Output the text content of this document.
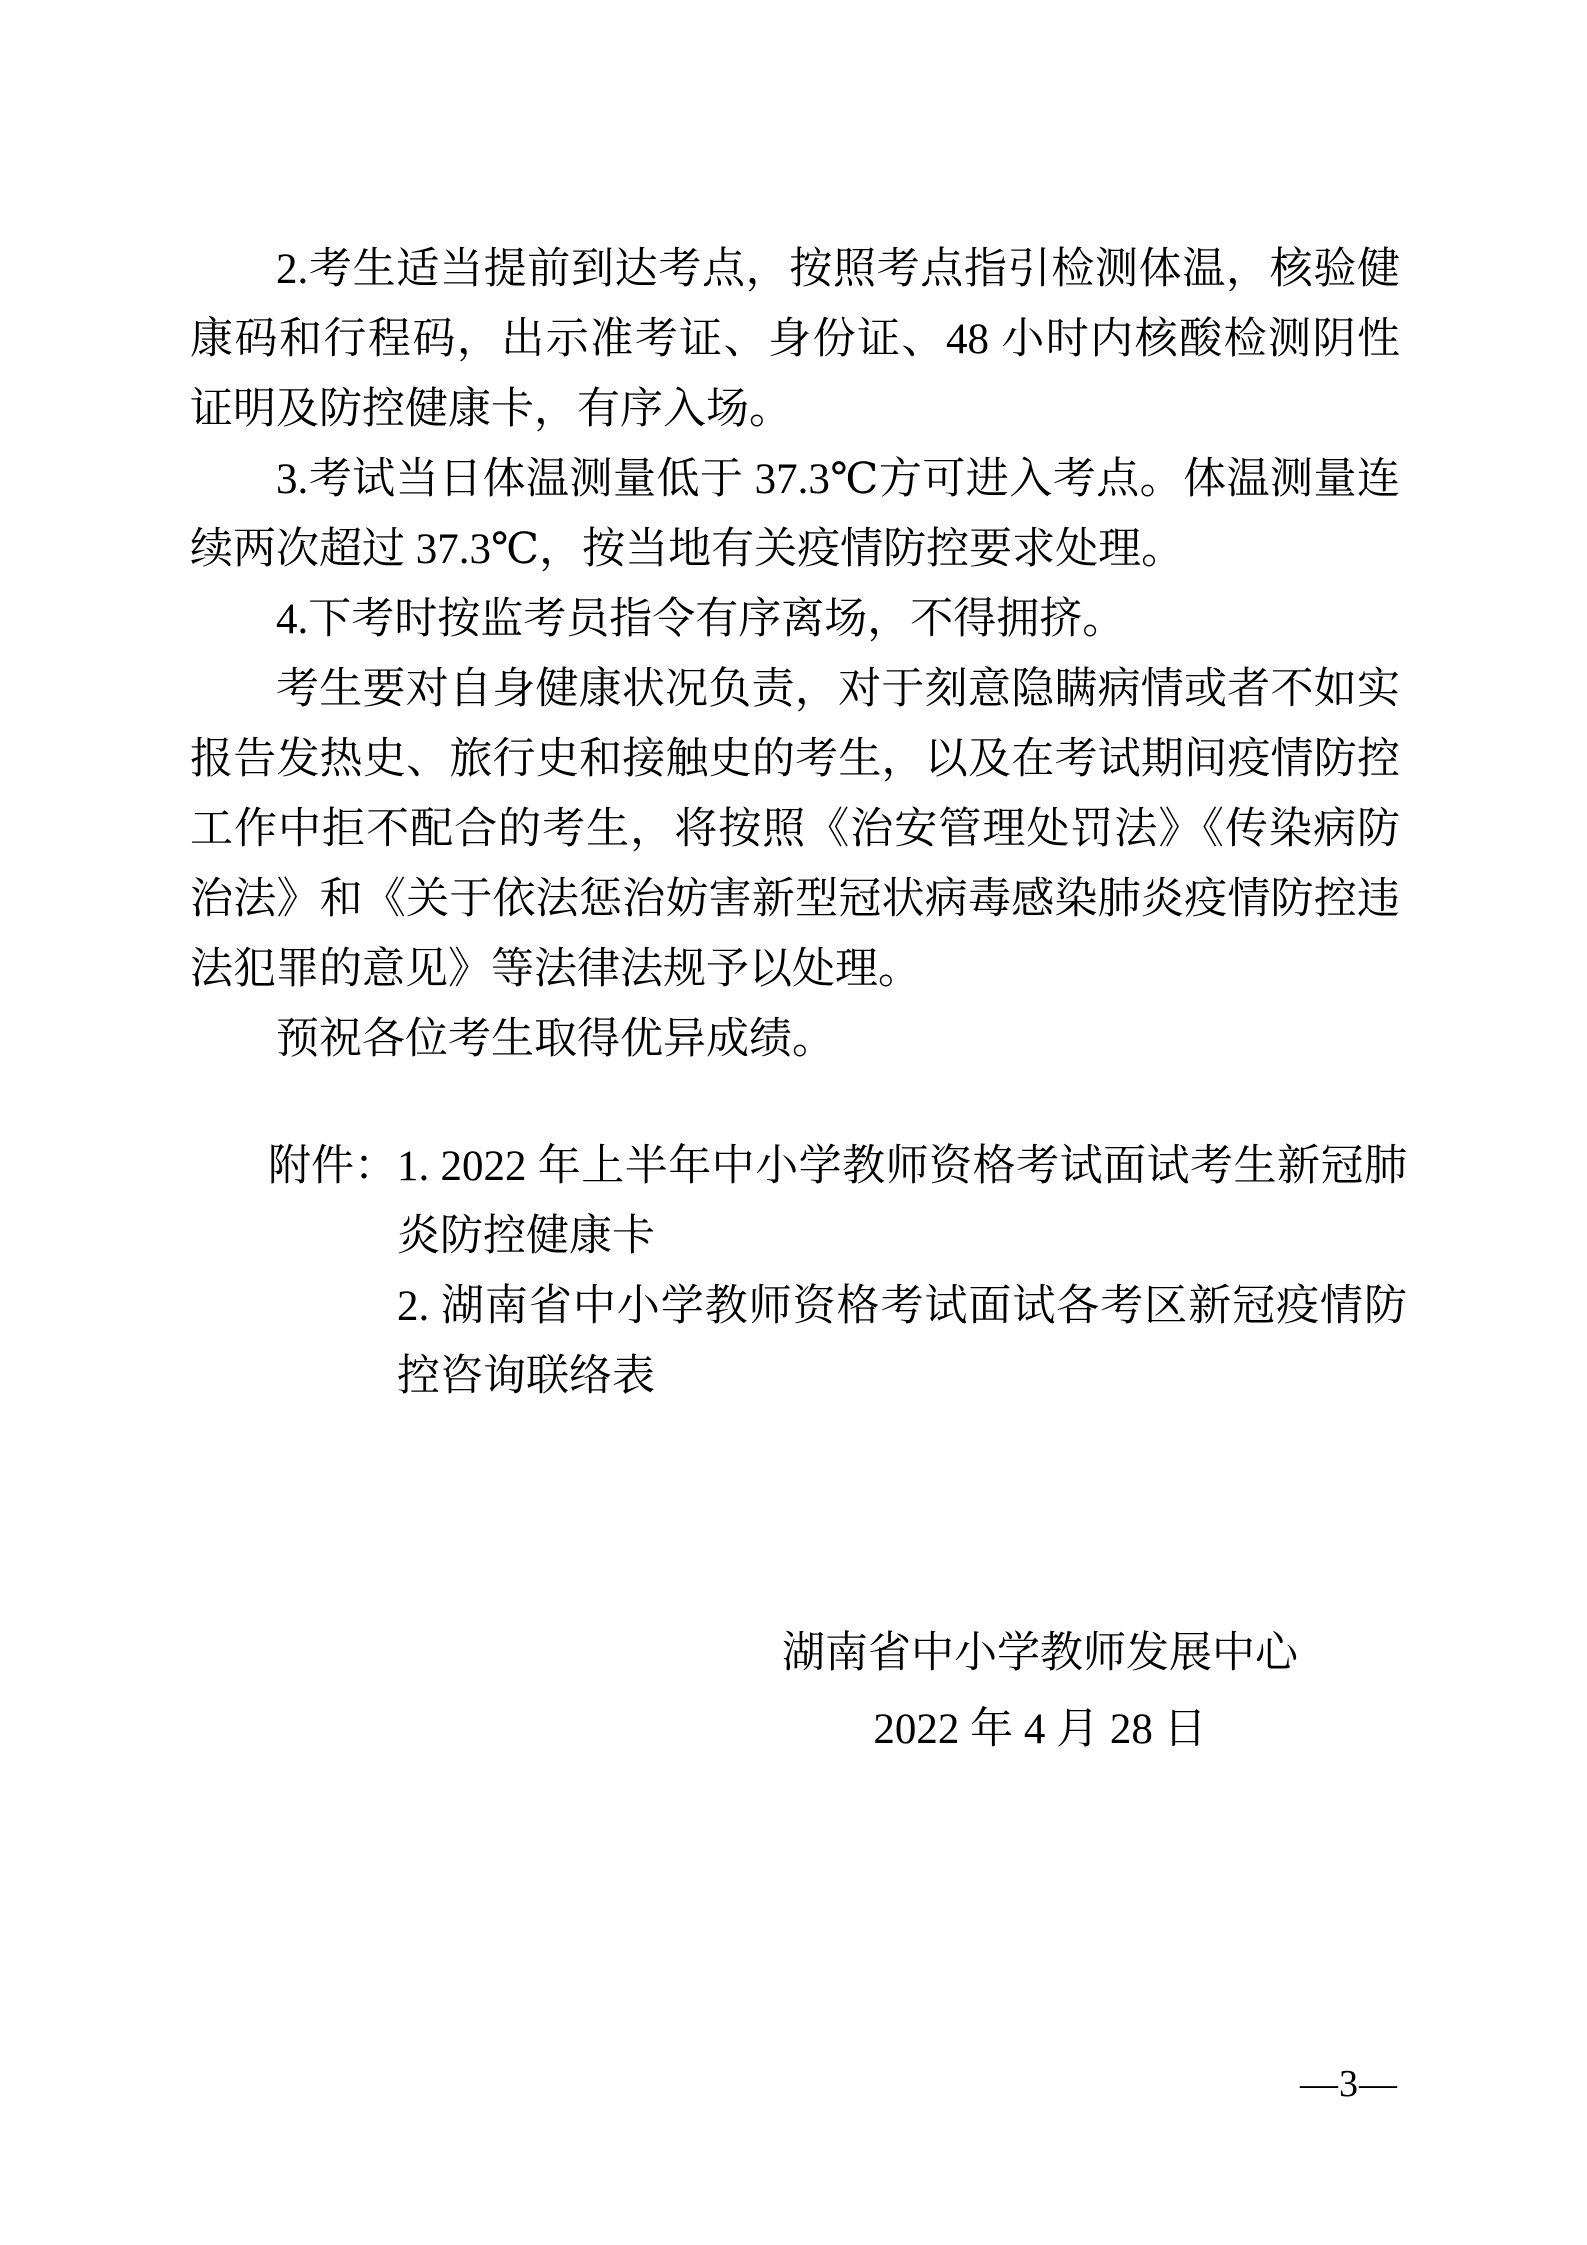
2.考生适当提前到达考点，按照考点指引检测体温，核验健康码和行程码，出示准考证、身份证、48 小时内核酸检测阴性证明及防控健康卡，有序入场。

3.考试当日体温测量低于 37.3℃方可进入考点。体温测量连续两次超过 37.3℃，按当地有关疫情防控要求处理。

4.下考时按监考员指令有序离场，不得拥挤。

考生要对自身健康状况负责，对于刻意隐瞒病情或者不如实报告发热史、旅行史和接触史的考生，以及在考试期间疫情防控工作中拒不配合的考生，将按照《治安管理处罚法》《传染病防治法》和《关于依法惩治妨害新型冠状病毒感染肺炎疫情防控违法犯罪的意见》等法律法规予以处理。

预祝各位考生取得优异成绩。

附件： 1. 2022 年上半年中小学教师资格考试面试考生新冠肺炎防控健康卡

2. 湖南省中小学教师资格考试面试各考区新冠疫情防控咨询联络表

湖南省中小学教师发展中心
2022 年 4 月 28 日
—3—
